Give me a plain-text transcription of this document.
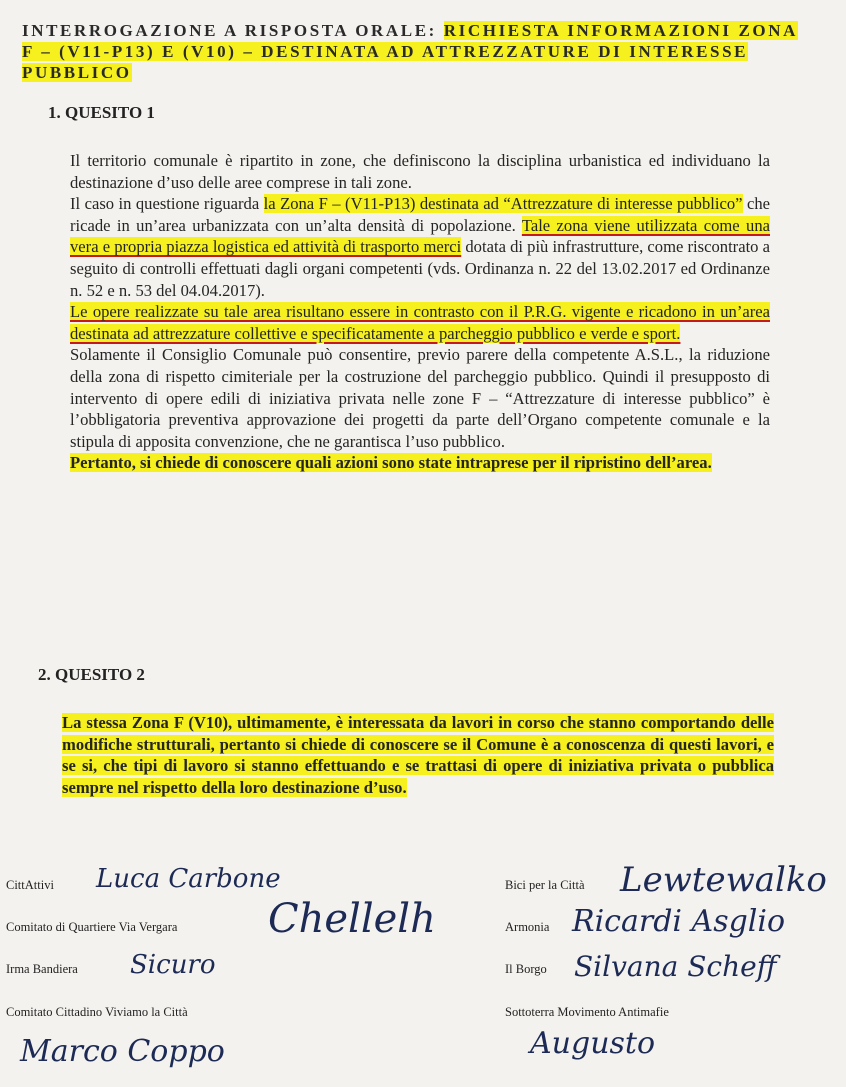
INTERROGAZIONE A RISPOSTA ORALE: RICHIESTA INFORMAZIONI ZONA F – (V11-P13) E (V10) – DESTINATA AD ATTREZZATURE DI INTERESSE PUBBLICO
1. QUESITO 1

Il territorio comunale è ripartito in zone, che definiscono la disciplina urbanistica ed individuano la destinazione d’uso delle aree comprese in tali zone.

Il caso in questione riguarda la Zona F – (V11-P13) destinata ad “Attrezzature di interesse pubblico” che ricade in un’area urbanizzata con un’alta densità di popolazione. Tale zona viene utilizzata come una vera e propria piazza logistica ed attività di trasporto merci dotata di più infrastrutture, come riscontrato a seguito di controlli effettuati dagli organi competenti (vds. Ordinanza n. 22 del 13.02.2017 ed Ordinanze n. 52 e n. 53 del 04.04.2017).

Le opere realizzate su tale area risultano essere in contrasto con il P.R.G. vigente e ricadono in un’area destinata ad attrezzature collettive e specificatamente a parcheggio pubblico e verde e sport.

Solamente il Consiglio Comunale può consentire, previo parere della competente A.S.L., la riduzione della zona di rispetto cimiteriale per la costruzione del parcheggio pubblico. Quindi il presupposto di intervento di opere edili di iniziativa privata nelle zone F – “Attrezzature di interesse pubblico” è l’obbligatoria preventiva approvazione dei progetti da parte dell’Organo competente comunale e la stipula di apposita convenzione, che ne garantisca l’uso pubblico.

Pertanto, si chiede di conoscere quali azioni sono state intraprese per il ripristino dell’area.

2. QUESITO 2

La stessa Zona F (V10), ultimamente, è interessata da lavori in corso che stanno comportando delle modifiche strutturali, pertanto si chiede di conoscere se il Comune è a conoscenza di questi lavori, e se si, che tipi di lavoro si stanno effettuando e se trattasi di opere di iniziativa privata o pubblica sempre nel rispetto della loro destinazione d’uso.

CittAttivi
Comitato di Quartiere Via Vergara
Irma Bandiera
Comitato Cittadino Viviamo la Città
Bici per la Città
Armonia
Il Borgo
Sottoterra Movimento Antimafie
Luca Carbone
Chellelh
Sicuro
Marco Coppo
Lewtewalko
Ricardi Asglio
Silvana Scheff
Augusto
